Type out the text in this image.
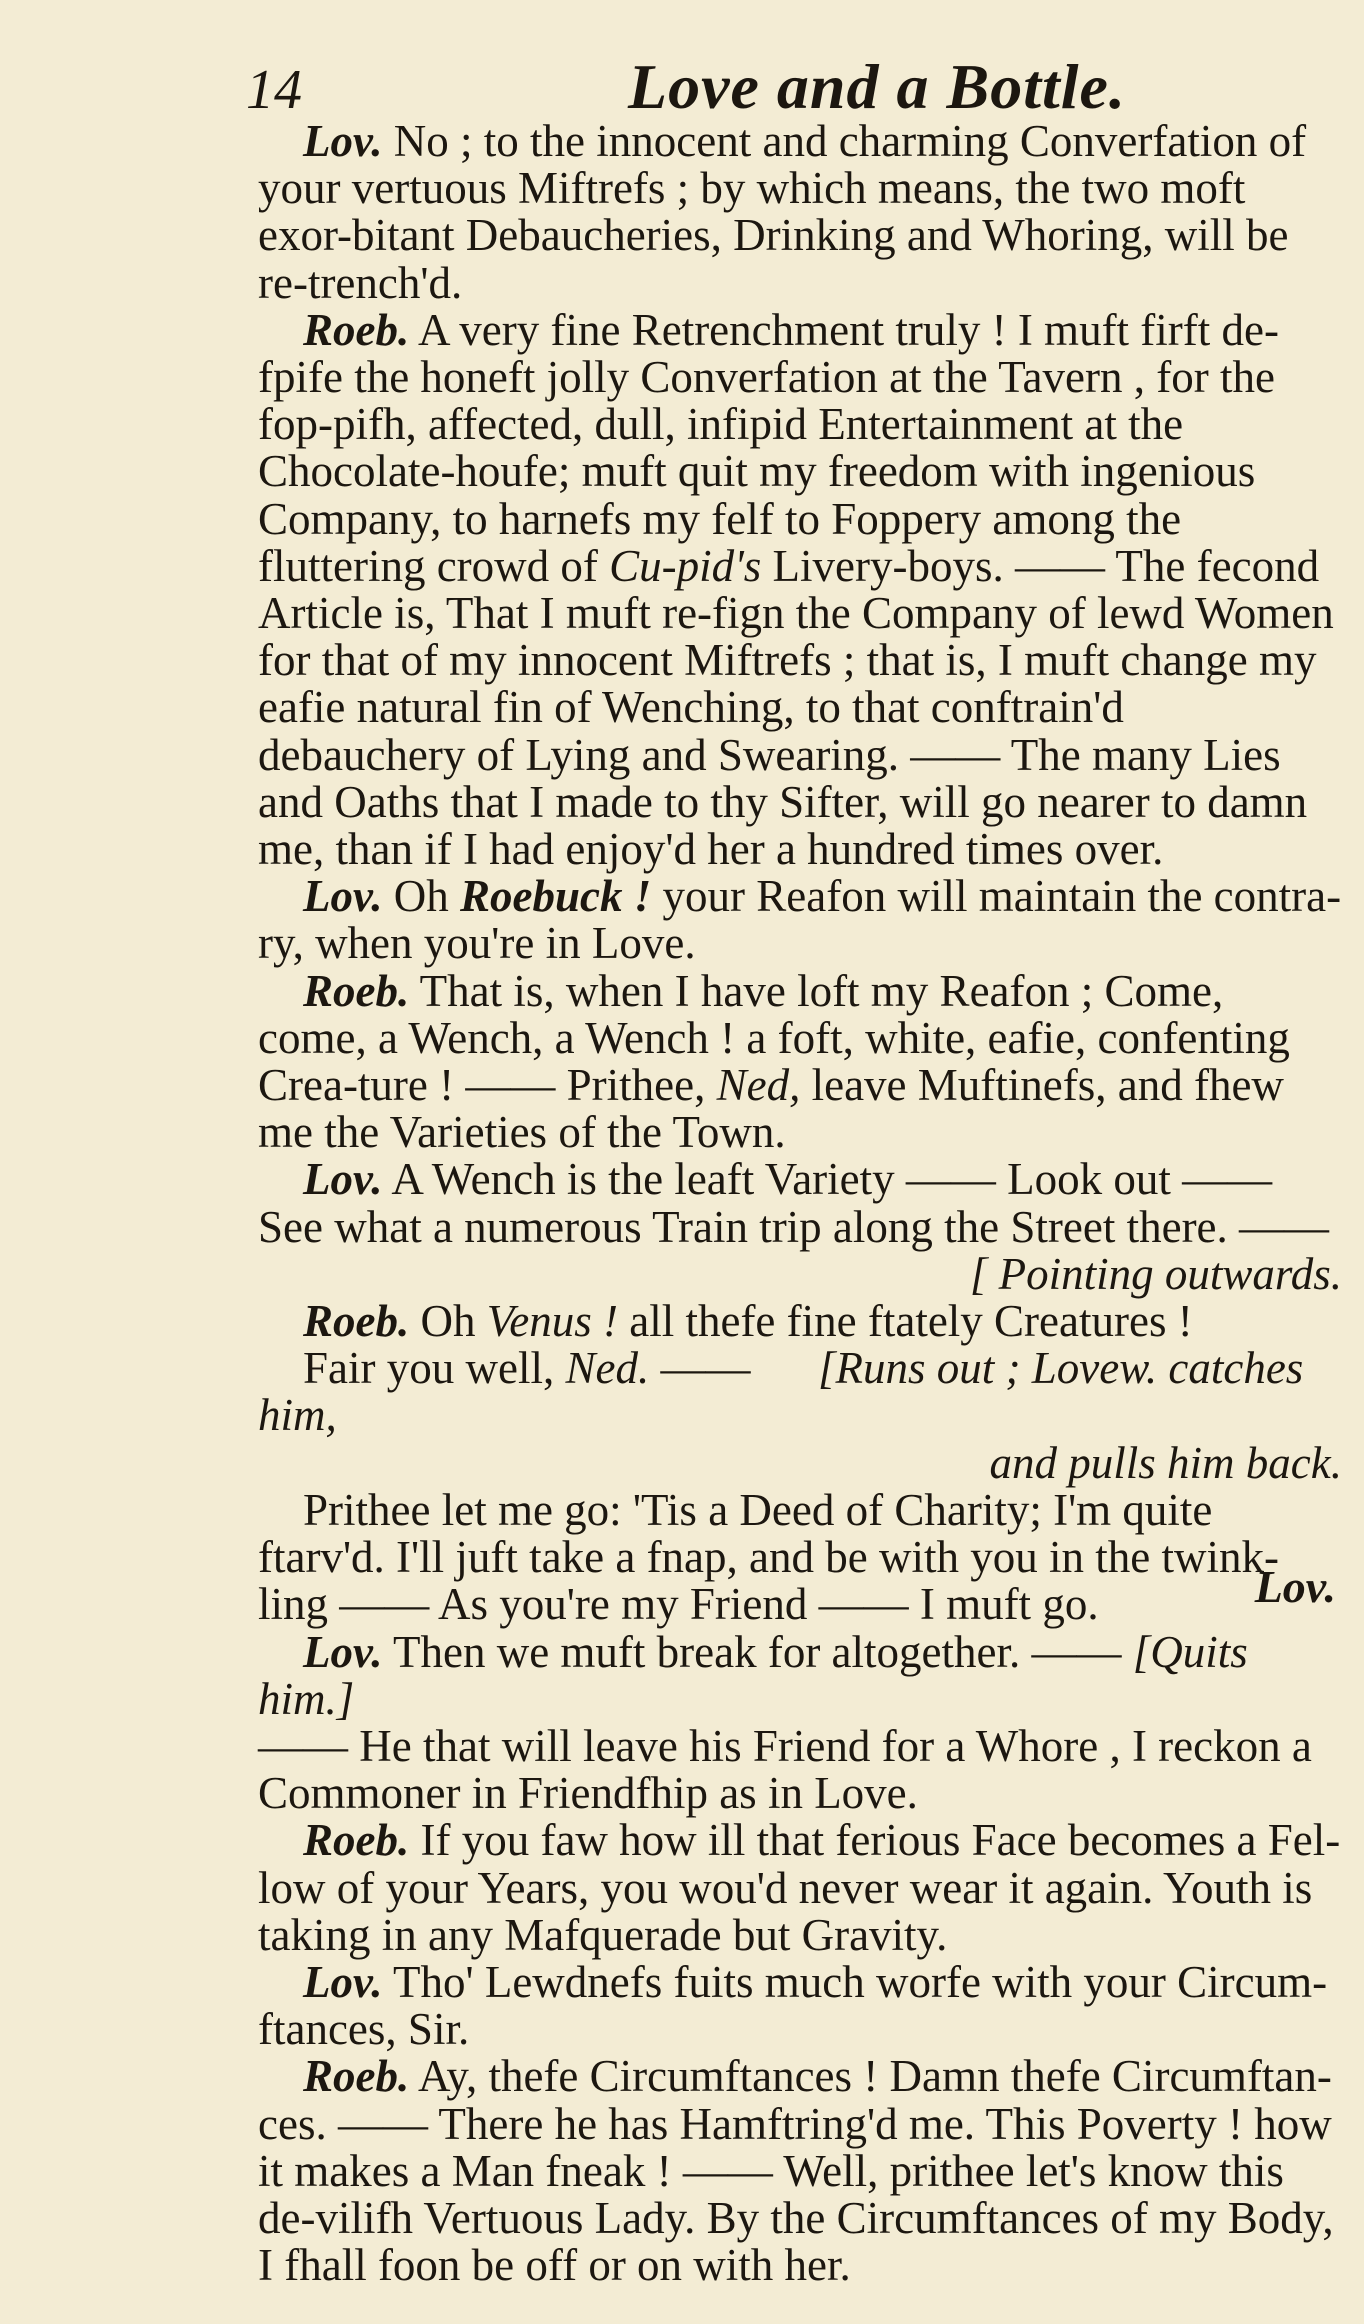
14	Love and a Bottle.

Lov. No ; to the innocent and charming Converfation of your vertuous Miftrefs ; by which means, the two moft exor-bitant Debaucheries, Drinking and Whoring, will be re-trench'd.

Roeb. A very fine Retrenchment truly ! I muft firft de-fpife the honeft jolly Converfation at the Tavern , for the fop-pifh, affected, dull, infipid Entertainment at the Chocolate-houfe; muft quit my freedom with ingenious Company, to harnefs my felf to Foppery among the fluttering crowd of Cu-pid's Livery-boys. —— The fecond Article is, That I muft re-fign the Company of lewd Women for that of my innocent Miftrefs ; that is, I muft change my eafie natural fin of Wenching, to that conftrain'd debauchery of Lying and Swearing. —— The many Lies and Oaths that I made to thy Sifter, will go nearer to damn me, than if I had enjoy'd her a hundred times over.

Lov. Oh Roebuck ! your Reafon will maintain the contra-ry, when you're in Love.

Roeb. That is, when I have loft my Reafon ; Come, come, a Wench, a Wench ! a foft, white, eafie, confenting Crea-ture ! —— Prithee, Ned, leave Muftinefs, and fhew me the Varieties of the Town.

Lov. A Wench is the leaft Variety —— Look out —— See what a numerous Train trip along the Street there. ——

[ Pointing outwards.

Roeb. Oh Venus ! all thefe fine ftately Creatures !

Fair you well, Ned. —— [Runs out ; Lovew. catches him,

and pulls him back.

Prithee let me go: 'Tis a Deed of Charity; I'm quite ftarv'd. I'll juft take a fnap, and be with you in the twink-ling —— As you're my Friend —— I muft go.

Lov. Then we muft break for altogether. —— [Quits him.]

—— He that will leave his Friend for a Whore , I reckon a Commoner in Friendfhip as in Love.

Roeb. If you faw how ill that ferious Face becomes a Fel-low of your Years, you wou'd never wear it again. Youth is taking in any Mafquerade but Gravity.

Lov. Tho' Lewdnefs fuits much worfe with your Circum-ftances, Sir.

Roeb. Ay, thefe Circumftances ! Damn thefe Circumftan-ces. —— There he has Hamftring'd me. This Poverty ! how it makes a Man fneak ! —— Well, prithee let's know this de-vilifh Vertuous Lady. By the Circumftances of my Body, I fhall foon be off or on with her.

Lov.
